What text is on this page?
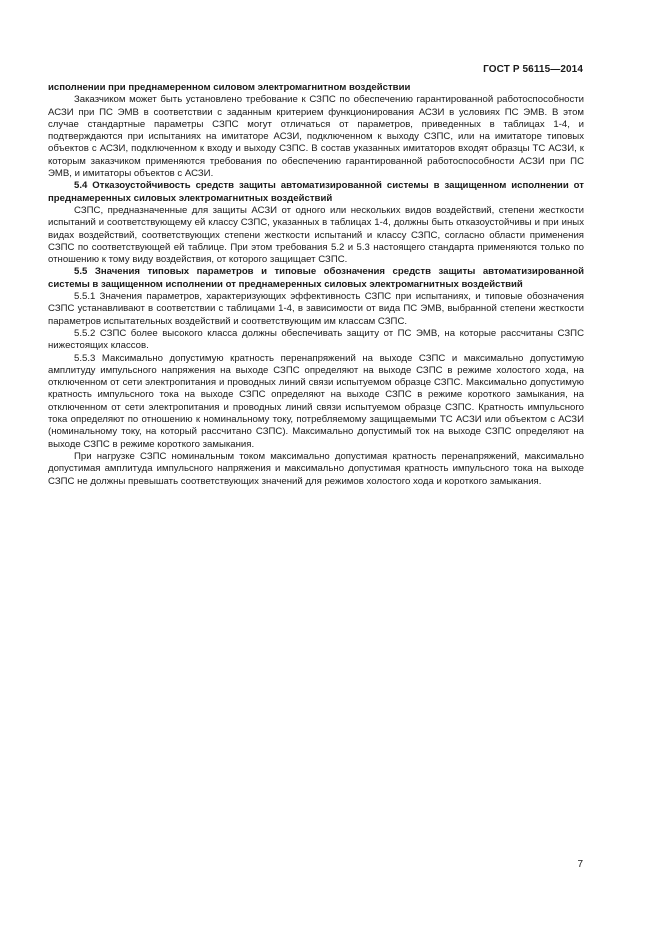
ГОСТ Р 56115—2014

исполнении при преднамеренном силовом электромагнитном воздействии

Заказчиком может быть установлено требование к СЗПС по обеспечению гарантированной работоспособности АСЗИ при ПС ЭМВ в соответствии с заданным критерием функционирования АСЗИ в условиях ПС ЭМВ. В этом случае стандартные параметры СЗПС могут отличаться от параметров, приведенных в таблицах 1-4, и подтверждаются при испытаниях на имитаторе АСЗИ, подключенном к выходу СЗПС, или на имитаторе типовых объектов с АСЗИ, подключенном к входу и выходу СЗПС. В состав указанных имитаторов входят образцы ТС АСЗИ, к которым заказчиком применяются требования по обеспечению гарантированной работоспособности АСЗИ при ПС ЭМВ, и имитаторы объектов с АСЗИ.

5.4 Отказоустойчивость средств защиты автоматизированной системы в защищенном исполнении от преднамеренных силовых электромагнитных воздействий

СЗПС, предназначенные для защиты АСЗИ от одного или нескольких видов воздействий, степени жесткости испытаний и соответствующему ей классу СЗПС, указанных в таблицах 1-4, должны быть отказоустойчивы и при иных видах воздействий, соответствующих степени жесткости испытаний и классу СЗПС, согласно области применения СЗПС по соответствующей ей таблице. При этом требования 5.2 и 5.3 настоящего стандарта применяются только по отношению к тому виду воздействия, от которого защищает СЗПС.

5.5 Значения типовых параметров и типовые обозначения средств защиты автоматизированной системы в защищенном исполнении от преднамеренных силовых электромагнитных воздействий

5.5.1 Значения параметров, характеризующих эффективность СЗПС при испытаниях, и типовые обозначения СЗПС устанавливают в соответствии с таблицами 1-4, в зависимости от вида ПС ЭМВ, выбранной степени жесткости параметров испытательных воздействий и соответствующим им классам СЗПС.

5.5.2 СЗПС более высокого класса должны обеспечивать защиту от ПС ЭМВ, на которые рассчитаны СЗПС нижестоящих классов.

5.5.3 Максимально допустимую кратность перенапряжений на выходе СЗПС и максимально допустимую амплитуду импульсного напряжения на выходе СЗПС определяют на выходе СЗПС в режиме холостого хода, на отключенном от сети электропитания и проводных линий связи испытуемом образце СЗПС. Максимально допустимую кратность импульсного тока на выходе СЗПС определяют на выходе СЗПС в режиме короткого замыкания, на отключенном от сети электропитания и проводных линий связи испытуемом образце СЗПС. Кратность импульсного тока определяют по отношению к номинальному току, потребляемому защищаемыми ТС АСЗИ или объектом с АСЗИ (номинальному току, на который рассчитано СЗПС). Максимально допустимый ток на выходе СЗПС определяют на выходе СЗПС в режиме короткого замыкания.

При нагрузке СЗПС номинальным током максимально допустимая кратность перенапряжений, максимально допустимая амплитуда импульсного напряжения и максимально допустимая кратность импульсного тока на выходе СЗПС не должны превышать соответствующих значений для режимов холостого хода и короткого замыкания.

7
